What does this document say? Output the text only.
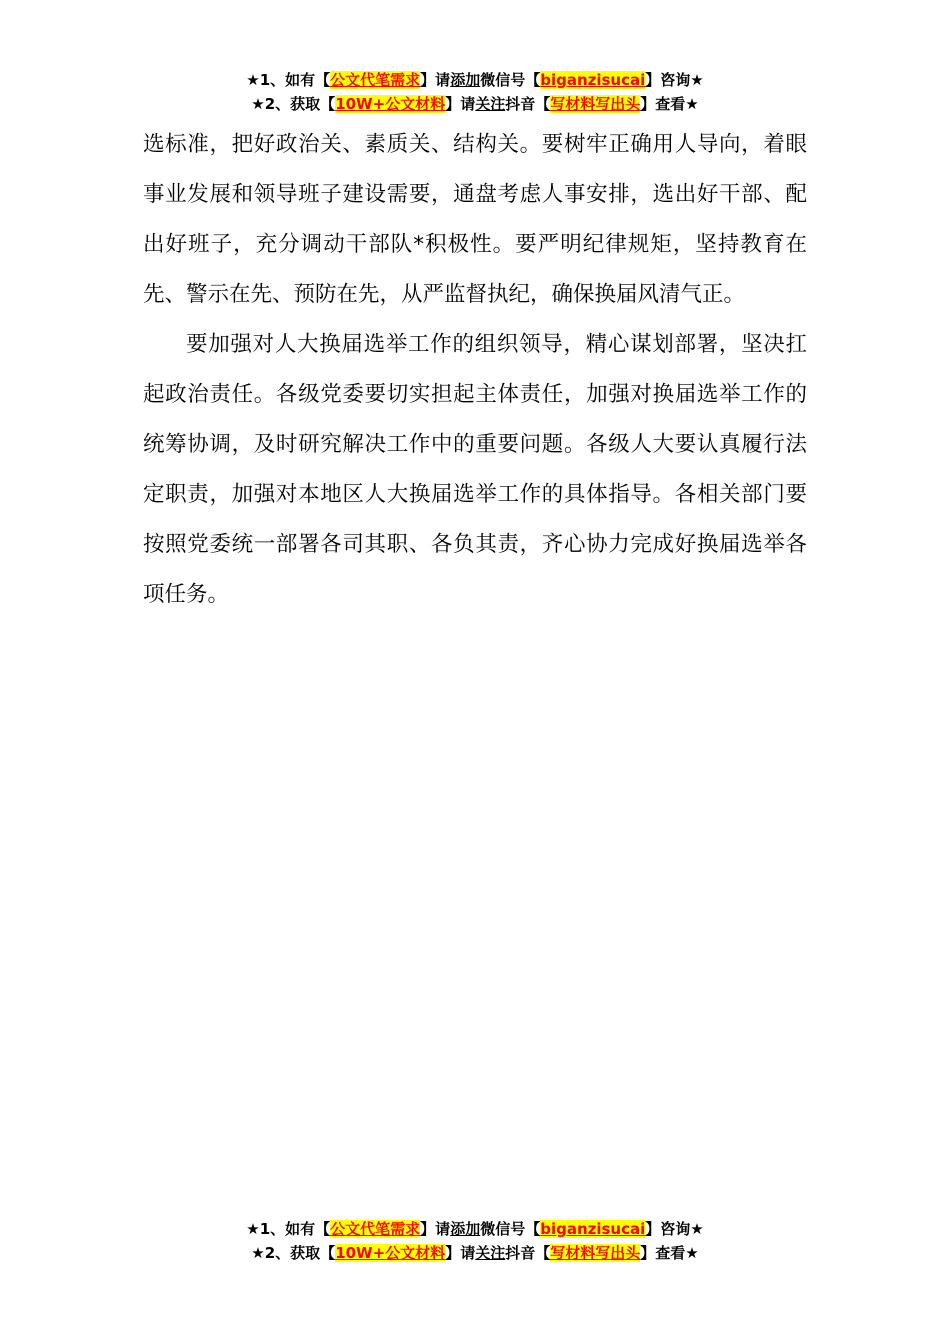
★1、如有【公文代笔需求】请添加微信号【biganzisucai】咨询★
★2、获取【10W+公文材料】请关注抖音【写材料写出头】查看★

选标准，把好政治关、素质关、结构关。要树牢正确用人导向，着眼事业发展和领导班子建设需要，通盘考虑人事安排，选出好干部、配出好班子，充分调动干部队*积极性。要严明纪律规矩，坚持教育在先、警示在先、预防在先，从严监督执纪，确保换届风清气正。

要加强对人大换届选举工作的组织领导，精心谋划部署，坚决扛起政治责任。各级党委要切实担起主体责任，加强对换届选举工作的统筹协调，及时研究解决工作中的重要问题。各级人大要认真履行法定职责，加强对本地区人大换届选举工作的具体指导。各相关部门要按照党委统一部署各司其职、各负其责，齐心协力完成好换届选举各项任务。

★1、如有【公文代笔需求】请添加微信号【biganzisucai】咨询★
★2、获取【10W+公文材料】请关注抖音【写材料写出头】查看★
